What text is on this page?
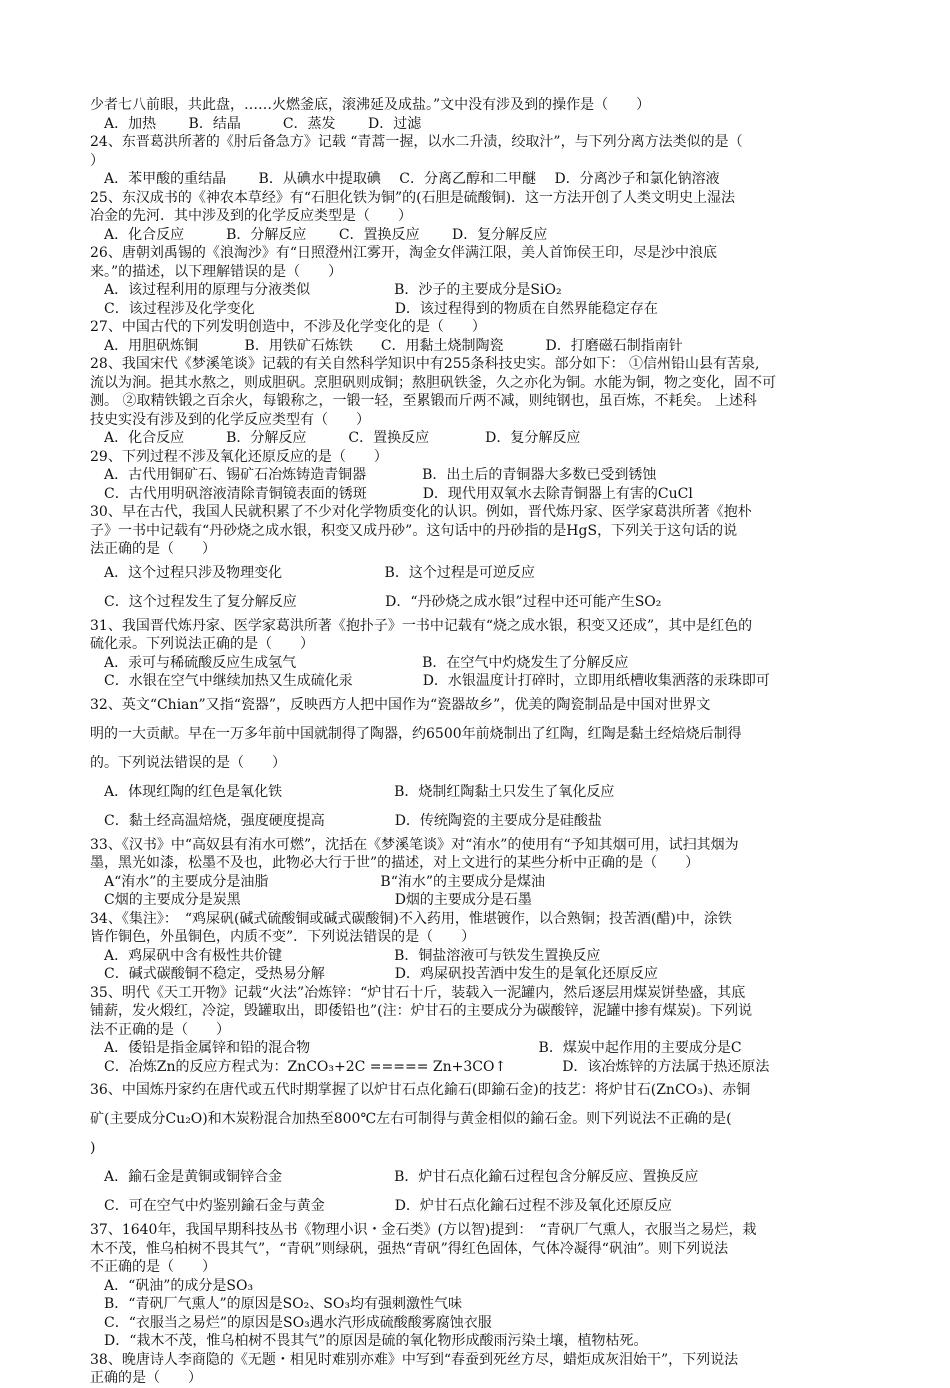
少者七八前眼，共此盘，……火燃釜底，滚沸延及成盐。”文中没有涉及到的操作是（　　）
A．加热　　 B．结晶　　　C．蒸发　　 D．过滤
24、东晋葛洪所著的《肘后备急方》记载 “青蒿一握，以水二升渍，绞取汁”，与下列分离方法类似的是（
）
A．苯甲酸的重结晶　　 B．从碘水中提取碘　 C．分离乙醇和二甲醚　 D．分离沙子和氯化钠溶液
25、东汉成书的《神农本草经》有“石胆化铁为铜”的(石胆是硫酸铜)．这一方法开创了人类文明史上湿法
冶金的先河．其中涉及到的化学反应类型是（　　）
A．化合反应　　　B．分解反应　　 C．置换反应　　 D．复分解反应
26、唐朝刘禹锡的《浪淘沙》有“日照澄州江雾开，淘金女伴满江限，美人首饰侯王印，尽是沙中浪底
来。”的描述，以下理解错误的是（　　）
A．该过程利用的原理与分液类似　　　　　　B．沙子的主要成分是SiO₂
C．该过程涉及化学变化　　　　　　　　　　D．该过程得到的物质在自然界能稳定存在
27、中国古代的下列发明创造中，不涉及化学变化的是（　　）
A．用胆矾炼铜　　　 B．用铁矿石炼铁　　C．用黏土烧制陶瓷　　　D．打磨磁石制指南针
28、我国宋代《梦溪笔谈》记载的有关自然科学知识中有255条科技史实。部分如下： ①信州铅山县有苦泉,
流以为涧。挹其水熬之，则成胆矾。烹胆矾则成铜；熬胆矾铁釜，久之亦化为铜。水能为铜，物之变化，固不可
测。 ②取精铁锻之百余火，每锻称之，一锻一轻，至累锻而斤两不减，则纯钢也，虽百炼，不耗矣。 上述科
技史实没有涉及到的化学反应类型有（　　）
A．化合反应　　　B．分解反应　　　C．置换反应　　　　D．复分解反应
29、下列过程不涉及氧化还原反应的是（　　）
A．古代用铜矿石、锡矿石冶炼铸造青铜器　　　　B．出土后的青铜器大多数已受到锈蚀
C．古代用明矾溶液清除青铜镜表面的锈斑　　　　D．现代用双氧水去除青铜器上有害的CuCl
30、早在古代，我国人民就积累了不少对化学物质变化的认识。例如，晋代炼丹家、医学家葛洪所著《抱朴
子》一书中记载有“丹砂烧之成水银，积变又成丹砂”。这句话中的丹砂指的是HgS，下列关于这句话的说
法正确的是（　　）
A．这个过程只涉及物理变化　　　　　　　 B．这个过程是可逆反应
C．这个过程发生了复分解反应　　　　　　 D．“丹砂烧之成水银”过程中还可能产生SO₂
31、我国晋代炼丹家、医学家葛洪所著《抱扑子》一书中记载有“烧之成水银，积变又还成”，其中是红色的
硫化汞。下列说法正确的是（　　）
A．汞可与稀硫酸反应生成氢气　　　　　　　　　B．在空气中灼烧发生了分解反应
C．水银在空气中继续加热又生成硫化汞　　　　　D．水银温度计打碎时，立即用纸槽收集洒落的汞珠即可
32、英文“Chian”又指“瓷器”，反映西方人把中国作为“瓷器故乡”，优美的陶瓷制品是中国对世界文
明的一大贡献。早在一万多年前中国就制得了陶器，约6500年前烧制出了红陶，红陶是黏土经焙烧后制得
的。下列说法错误的是（　　）
A．体现红陶的红色是氧化铁　　　　　　　　B．烧制红陶黏土只发生了氧化反应
C．黏土经高温焙烧，强度硬度提高　　　　　D．传统陶瓷的主要成分是硅酸盐
33、《汉书》中“高奴县有洧水可燃”，沈括在《梦溪笔谈》对“洧水”的使用有“予知其烟可用，试扫其烟为
墨，黑光如漆，松墨不及也，此物必大行于世”的描述，对上文进行的某些分析中正确的是（　　）
A“洧水”的主要成分是油脂　　　　　　　　B“洧水”的主要成分是煤油
C烟的主要成分是炭黑　　　　　　　　　　　D烟的主要成分是石墨
34、《集注》：　“鸡屎矾(碱式硫酸铜或碱式碳酸铜)不入药用，惟堪镀作，以合熟铜；投苦酒(醋)中，涂铁
皆作铜色，外虽铜色，内质不变”．下列说法错误的是（　　）
A．鸡屎矾中含有极性共价键　　　　　　　　B．铜盐溶液可与铁发生置换反应
C．碱式碳酸铜不稳定，受热易分解　　　　　D．鸡屎矾投苦酒中发生的是氧化还原反应
35、明代《天工开物》记载“火法”冶炼锌：“炉甘石十斤，装载入一泥罐内，然后逐层用煤炭饼垫盛，其底
铺薪，发火煅红，冷淀，毁罐取出，即倭铅也”(注：炉甘石的主要成分为碳酸锌，泥罐中掺有煤炭)。下列说
法不正确的是（　　）
A．倭铅是指金属锌和铅的混合物　　　　　　　　　　　　　　　　 B．煤炭中起作用的主要成分是C
C．冶炼Zn的反应方程式为：ZnCO₃+2C ===== Zn+3CO↑　　　　D．该冶炼锌的方法属于热还原法
36、中国炼丹家约在唐代或五代时期掌握了以炉甘石点化鍮石(即鍮石金)的技艺：将炉甘石(ZnCO₃)、赤铜
矿(主要成分Cu₂O)和木炭粉混合加热至800℃左右可制得与黄金相似的鍮石金。则下列说法不正确的是(
)
A．鍮石金是黄铜或铜锌合金　　　　　　　　B．炉甘石点化鍮石过程包含分解反应、置换反应
C．可在空气中灼鉴别鍮石金与黄金　　　　　D．炉甘石点化鍮石过程不涉及氧化还原反应
37、1640年，我国早期科技丛书《物理小识・金石类》(方以智)提到：　“青矾厂气熏人，衣服当之易烂，栽
木不茂，惟乌柏树不畏其气”，“青矾”则绿矾，强热“青矾”得红色固体，气体冷凝得“矾油”。则下列说法
不正确的是（　　）
A．“矾油”的成分是SO₃
B．“青矾厂气熏人”的原因是SO₂、SO₃均有强刺激性气味
C．“衣服当之易烂”的原因是SO₃遇水汽形成硫酸酸雾腐蚀衣服
D．“栽木不茂，惟乌柏树不畏其气”的原因是硫的氧化物形成酸雨污染土壤，植物枯死。
38、晚唐诗人李商隐的《无题・相见时难别亦难》中写到“春蚕到死丝方尽，蜡炬成灰泪始干”，下列说法
正确的是（　　）
